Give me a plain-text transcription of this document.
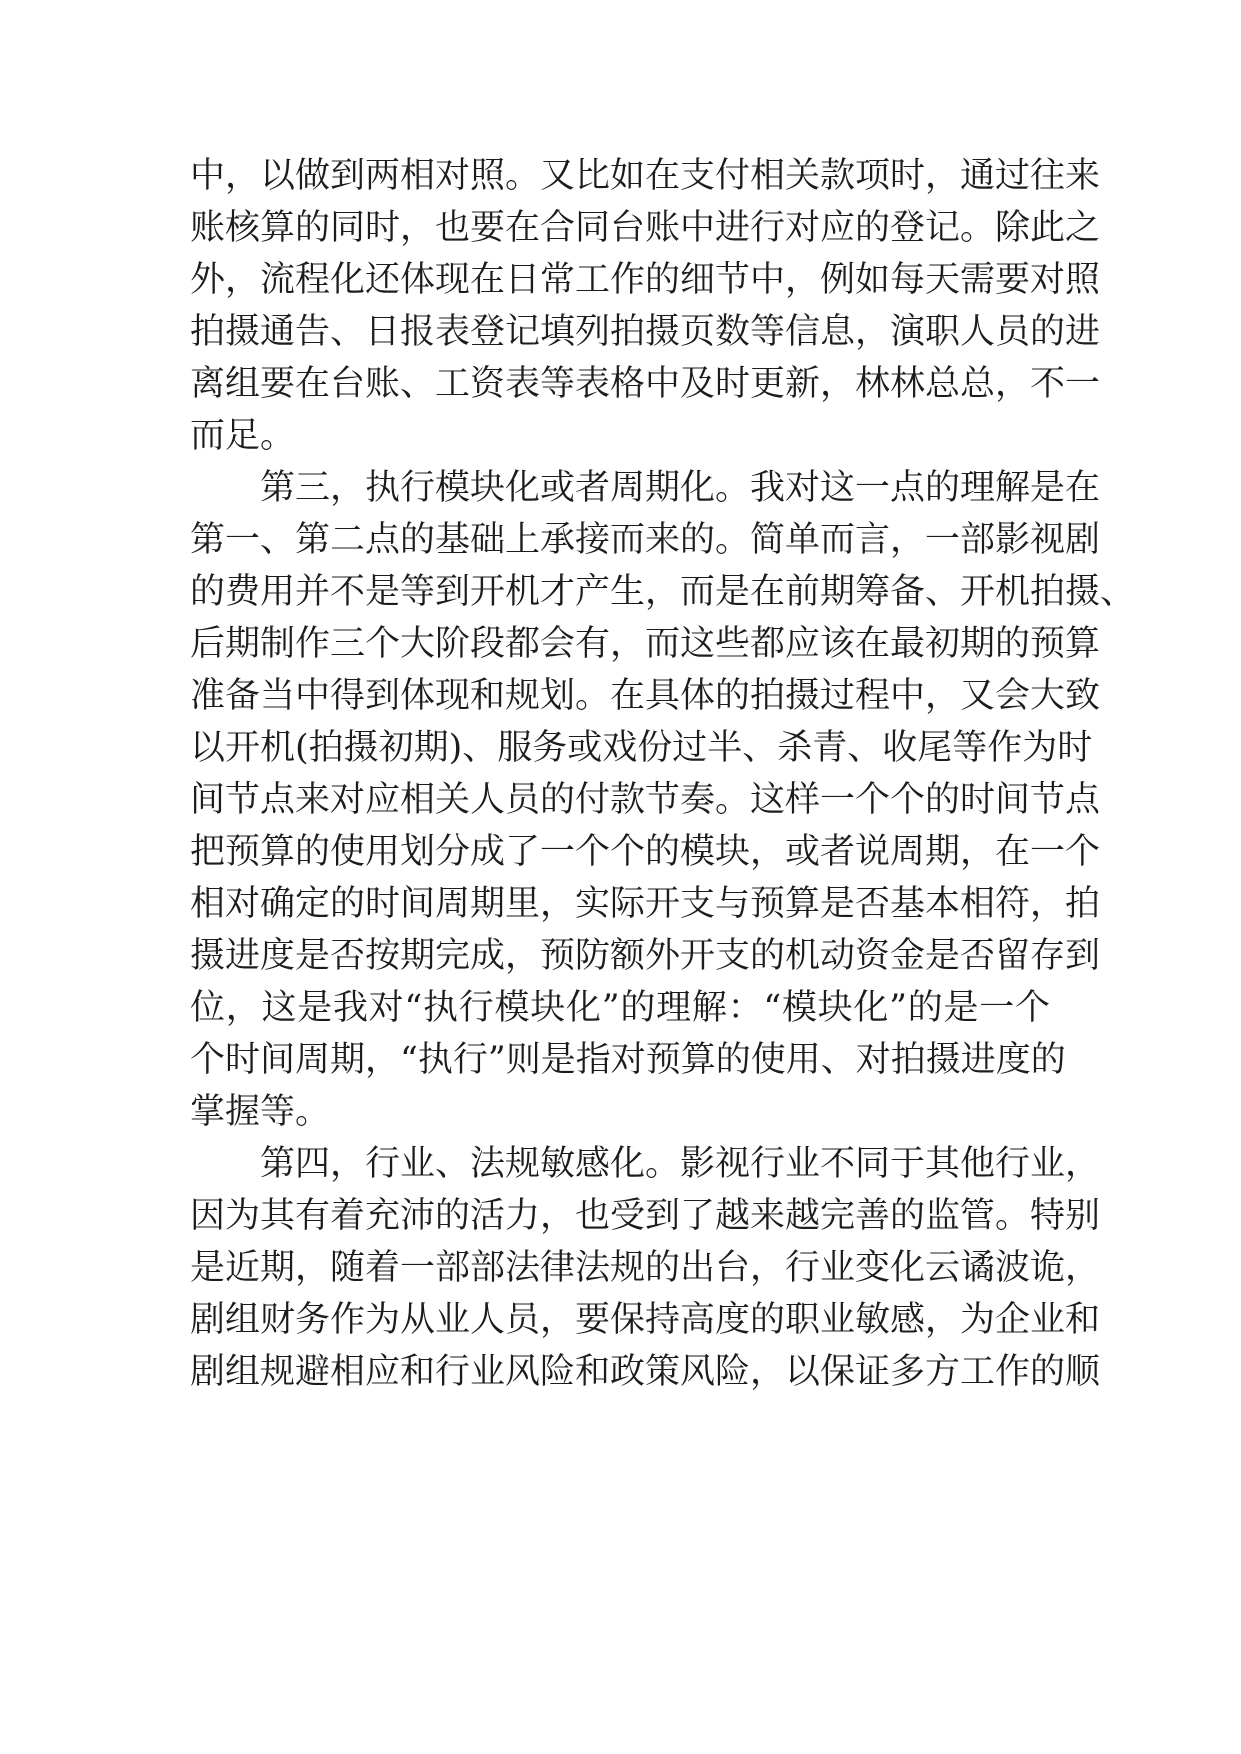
中，以做到两相对照。又比如在支付相关款项时，通过往来
账核算的同时，也要在合同台账中进行对应的登记。除此之
外，流程化还体现在日常工作的细节中，例如每天需要对照
拍摄通告、日报表登记填列拍摄页数等信息，演职人员的进
离组要在台账、工资表等表格中及时更新，林林总总，不一
而足。
第三，执行模块化或者周期化。我对这一点的理解是在
第一、第二点的基础上承接而来的。简单而言，一部影视剧
的费用并不是等到开机才产生，而是在前期筹备、开机拍摄、
后期制作三个大阶段都会有，而这些都应该在最初期的预算
准备当中得到体现和规划。在具体的拍摄过程中，又会大致
以开机(拍摄初期)、服务或戏份过半、杀青、收尾等作为时
间节点来对应相关人员的付款节奏。这样一个个的时间节点
把预算的使用划分成了一个个的模块，或者说周期，在一个
相对确定的时间周期里，实际开支与预算是否基本相符，拍
摄进度是否按期完成，预防额外开支的机动资金是否留存到
位，这是我对“执行模块化”的理解：“模块化”的是一个
个时间周期，“执行”则是指对预算的使用、对拍摄进度的
掌握等。
第四，行业、法规敏感化。影视行业不同于其他行业，
因为其有着充沛的活力，也受到了越来越完善的监管。特别
是近期，随着一部部法律法规的出台，行业变化云谲波诡，
剧组财务作为从业人员，要保持高度的职业敏感，为企业和
剧组规避相应和行业风险和政策风险，以保证多方工作的顺
